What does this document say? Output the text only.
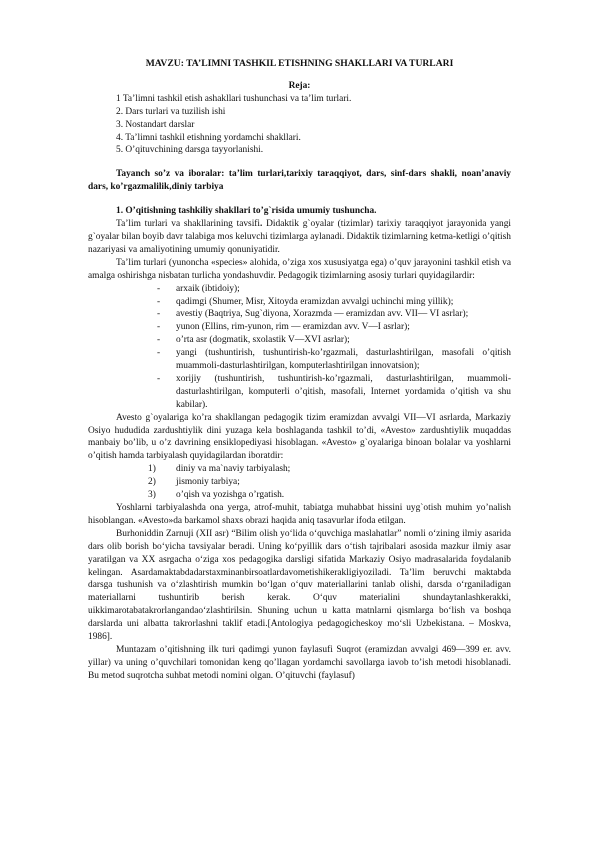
MAVZU: TA’LIMNI TASHKIL ETISHNING SHAKLLARI VA TURLARI
Reja:
1 Ta’limni tashkil etish ashakllari tushunchasi va ta’lim turlari.
2. Dars turlari va tuzilish ishi
3. Nostandart darslar
4. Ta’limni tashkil etishning yordamchi shakllari.
5. O’qituvchining darsga tayyorlanishi.

Tayanch so’z va iboralar: ta’lim turlari,tarixiy taraqqiyot, dars, sinf-dars shakli, noan’anaviy dars, ko’rgazmalilik,diniy tarbiya

1. O’qitishning tashkiliy shakllari to’g`risida umumiy tushuncha.

Ta’lim turlari va shakllarining tavsifi. Didaktik g`oyalar (tizimlar) tarixiy taraqqiyot jarayonida yangi g`oyalar bilan boyib davr talabiga mos keluvchi tizimlarga aylanadi. Didaktik tizimlarning ketma-ketligi o’qitish nazariyasi va amaliyotining umumiy qonuniyatidir.

Ta’lim turlari (yunoncha «species» alohida, o’ziga xos xususiyatga ega) o’quv jarayonini tashkil etish va amalga oshirishga nisbatan turlicha yondashuvdir. Pedagogik tizimlarning asosiy turlari quyidagilardir:

- arxaik (ibtidoiy);
- qadimgi (Shumer, Misr, Xitoyda eramizdan avvalgi uchinchi ming yillik);
- avestiy (Baqtriya, Sug`diyona, Xorazmda — eramizdan avv. VII— VI asrlar);
- yunon (Ellins, rim-yunon, rim — eramizdan avv. V—I asrlar);
- o’rta asr (dogmatik, sxolastik V—XVI asrlar);
- yangi (tushuntirish, tushuntirish-ko’rgazmali, dasturlashtirilgan, masofali o’qitish muammoli-dasturlashtirilgan, komputerlashtirilgan innovatsion);
- xorijiy (tushuntirish, tushuntirish-ko’rgazmali, dasturlashtirilgan, muammoli-dasturlashtirilgan, komputerli o’qitish, masofali, Internet yordamida o’qitish va shu kabilar).

Avesto g`oyalariga ko’ra shakllangan pedagogik tizim eramizdan avvalgi VII—VI asrlarda, Markaziy Osiyo hududida zardushtiylik dini yuzaga kela boshlaganda tashkil to’di, «Avesto» zardushtiylik muqaddas manbaiy bo’lib, u o’z davrining ensiklopediyasi hisoblagan. «Avesto» g`oyalariga binoan bolalar va yoshlarni o’qitish hamda tarbiyalash quyidagilardan iboratdir:

1) diniy va ma`naviy tarbiyalash;
2) jismoniy tarbiya;
3) o’qish va yozishga o’rgatish.

Yoshlarni tarbiyalashda ona yerga, atrof-muhit, tabiatga muhabbat hissini uyg`otish muhim yo’nalish hisoblangan. «Avesto»da barkamol shaxs obrazi haqida aniq tasavurlar ifoda etilgan.

Burhoniddin Zarnuji (XII asr) “Bilim olish yo‘lida o‘quvchiga maslahatlar” nomli o‘zining ilmiy asarida dars olib borish bo‘yicha tavsiyalar beradi. Uning ko‘pyillik dars o‘tish tajribalari asosida mazkur ilmiy asar yaratilgan va XX asrgacha o‘ziga xos pedagogika darsligi sifatida Markaziy Osiyo madrasalarida foydalanib kelingan. Asardamaktabdadarstaxminanbirsoatlardavometishikerakligiyoziladi. Ta’lim beruvchi maktabda darsga tushunish va o‘zlashtirish mumkin bo‘lgan o‘quv materiallarini tanlab olishi, darsda o‘rganiladigan materiallarni tushuntirib berish kerak. O‘quv materialini shundaytanlashkerakki, uikkimarotabatakrorlangandao‘zlashtirilsin. Shuning uchun u katta matnlarni qismlarga bo‘lish va boshqa darslarda uni albatta takrorlashni taklif etadi.[Antologiya pedagogicheskoy mo‘sli Uzbekistana. – Moskva, 1986].

Muntazam o’qitishning ilk turi qadimgi yunon faylasufi Suqrot (eramizdan avvalgi 469—399 er. avv. yillar) va uning o’quvchilari tomonidan keng qo’llagan yordamchi savollarga iavob to’ish metodi hisoblanadi. Bu metod suqrotcha suhbat metodi nomini olgan. O’qituvchi (faylasuf)
